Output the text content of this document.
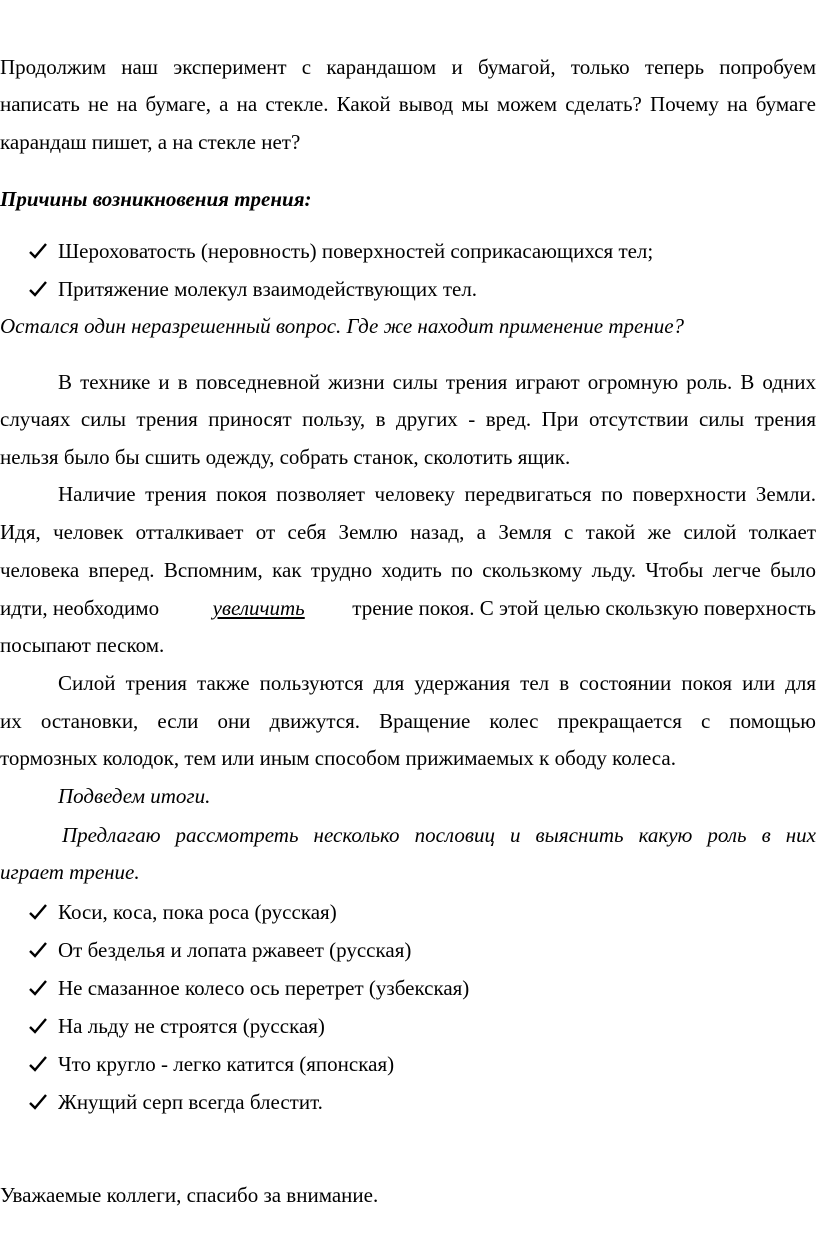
Продолжим наш эксперимент с карандашом и бумагой, только теперь попробуем
написать не на бумаге, а на стекле. Какой вывод мы можем сделать? Почему на бумаге
карандаш пишет, а на стекле нет?
Причины возникновения трения:
Шероховатость (неровность) поверхностей соприкасающихся тел;
Притяжение молекул взаимодействующих тел.
Остался один неразрешенный вопрос. Где же находит применение трение?
В технике и в повседневной жизни силы трения играют огромную роль. В одних
случаях силы трения приносят пользу, в других - вред. При отсутствии силы трения
нельзя было бы сшить одежду, собрать станок, сколотить ящик.
Наличие трения покоя позволяет человеку передвигаться по поверхности Земли.
Идя, человек отталкивает от себя Землю назад, а Земля с такой же силой толкает
человека вперед. Вспомним, как трудно ходить по скользкому льду. Чтобы легче было
идти, необходимо	увеличить трение покоя. С этой целью скользкую поверхность
посыпают песком.
Силой трения также пользуются для удержания тел в состоянии покоя или для
их остановки, если они движутся. Вращение колес прекращается с помощью
тормозных колодок, тем или иным способом прижимаемых к ободу колеса.
Подведем итоги.
Предлагаю рассмотреть несколько пословиц и выяснить какую роль в них
играет трение.
Коси, коса, пока роса (русская)
От безделья и лопата ржавеет (русская)
Не смазанное колесо ось перетрет (узбекская)
На льду не строятся (русская)
Что кругло - легко катится (японская)
Жнущий серп всегда блестит.
Уважаемые коллеги, спасибо за внимание.
